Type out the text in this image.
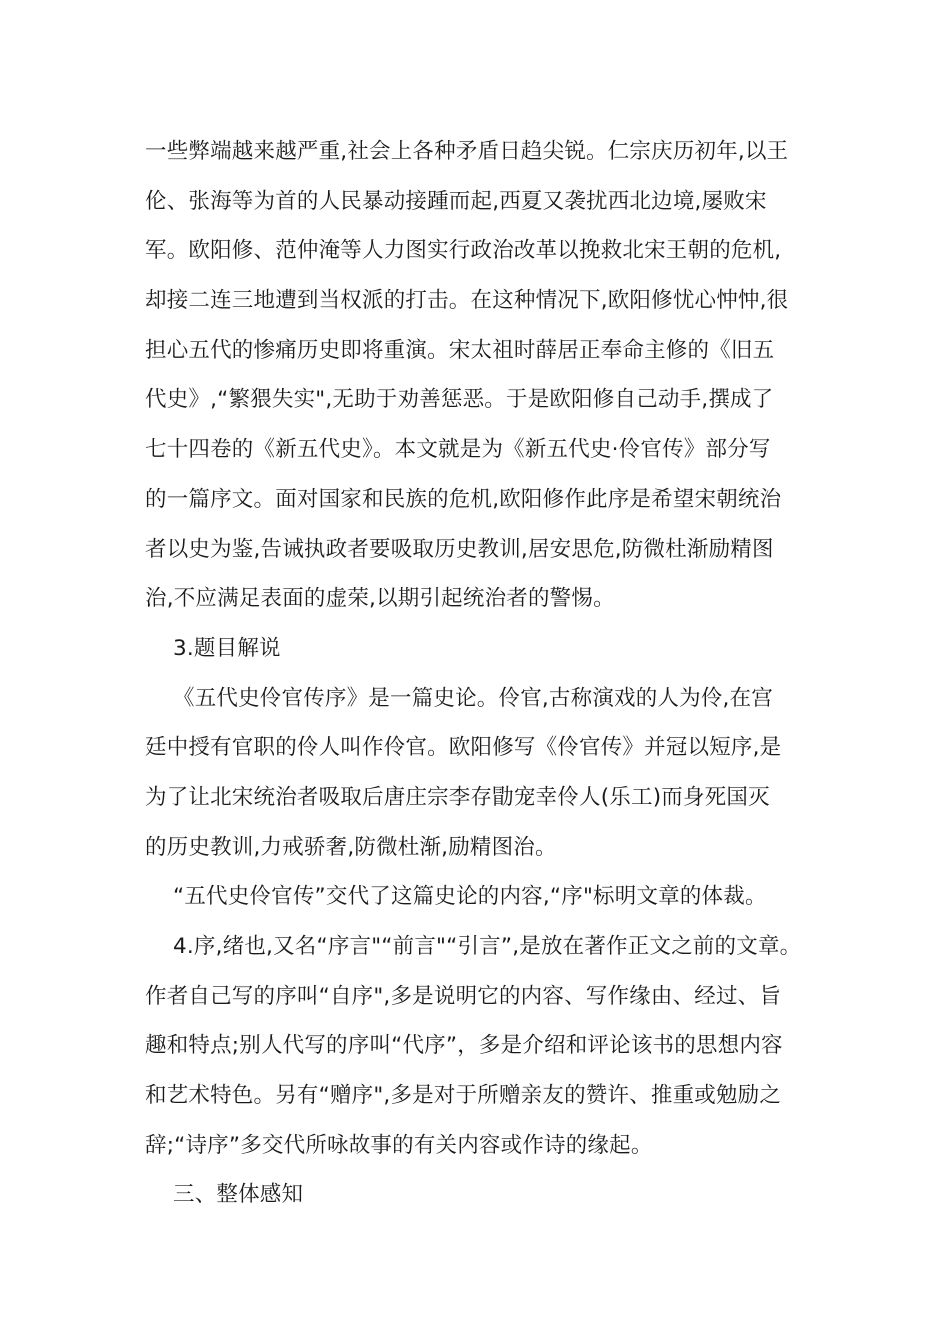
一些弊端越来越严重,社会上各种矛盾日趋尖锐。仁宗庆历初年,以王
伦、张海等为首的人民暴动接踵而起,西夏又袭扰西北边境,屡败宋
军。欧阳修、范仲淹等人力图实行政治改革以挽救北宋王朝的危机,
却接二连三地遭到当权派的打击。在这种情况下,欧阳修忧心忡忡,很
担心五代的惨痛历史即将重演。宋太祖时薛居正奉命主修的《旧五
代史》,“繁猥失实",无助于劝善惩恶。于是欧阳修自己动手,撰成了
七十四卷的《新五代史》。本文就是为《新五代史·伶官传》部分写
的一篇序文。面对国家和民族的危机,欧阳修作此序是希望宋朝统治
者以史为鉴,告诫执政者要吸取历史教训,居安思危,防微杜渐励精图
治,不应满足表面的虚荣,以期引起统治者的警惕。
3.题目解说
《五代史伶官传序》是一篇史论。伶官,古称演戏的人为伶,在宫
廷中授有官职的伶人叫作伶官。欧阳修写《伶官传》并冠以短序,是
为了让北宋统治者吸取后唐庄宗李存勖宠幸伶人(乐工)而身死国灭
的历史教训,力戒骄奢,防微杜渐,励精图治。
“五代史伶官传”交代了这篇史论的内容,“序"标明文章的体裁。
4.序,绪也,又名“序言"“前言"“引言”,是放在著作正文之前的文章。
作者自己写的序叫“自序",多是说明它的内容、写作缘由、经过、旨
趣和特点;别人代写的序叫“代序”，多是介绍和评论该书的思想内容
和艺术特色。另有“赠序",多是对于所赠亲友的赞许、推重或勉励之
辞;“诗序”多交代所咏故事的有关内容或作诗的缘起。
三、整体感知
